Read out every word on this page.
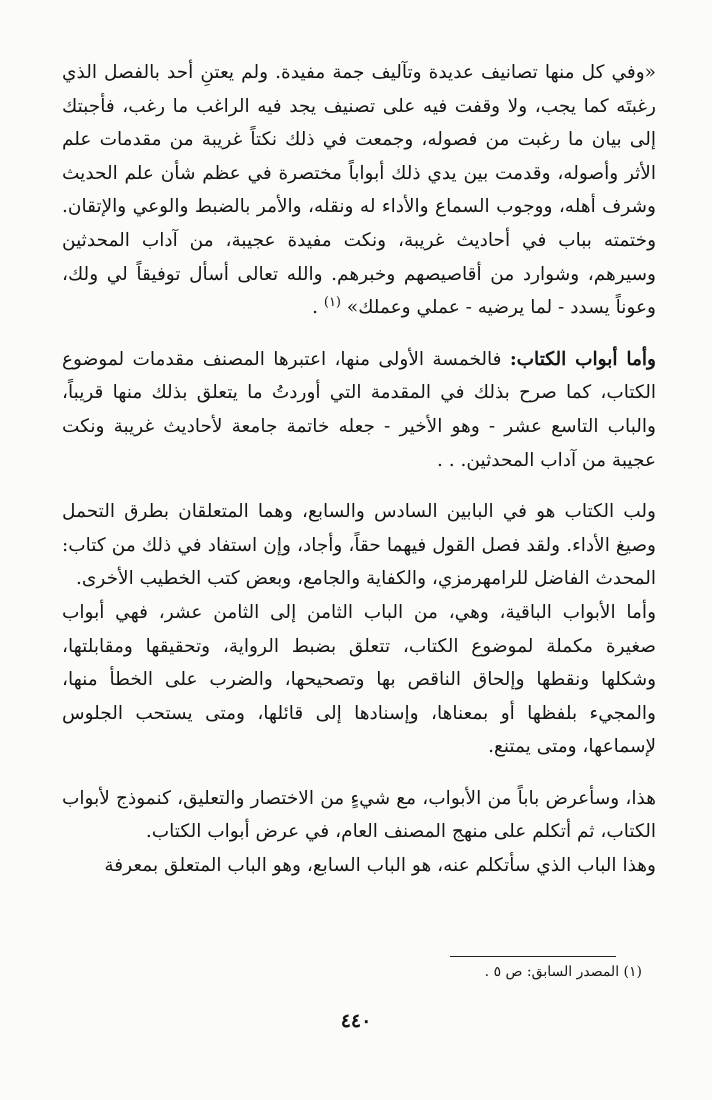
«وفي كل منها تصانيف عديدة وتآليف جمة مفيدة. ولم يعتنِ أحد بالفصل الذي رغبتَه كما يجب، ولا وقفت فيه على تصنيف يجد فيه الراغب ما رغب، فأجبتك إلى بيان ما رغبت من فصوله، وجمعت في ذلك نكتاً غريبة من مقدمات علم الأثر وأصوله، وقدمت بين يدي ذلك أبواباً مختصرة في عظم شأن علم الحديث وشرف أهله، ووجوب السماع والأداء له ونقله، والأمر بالضبط والوعي والإتقان. وختمته بباب في أحاديث غريبة، ونكت مفيدة عجيبة، من آداب المحدثين وسيرهم، وشوارد من أقاصيصهم وخبرهم. والله تعالى أسأل توفيقاً لي ولك، وعوناً يسدد - لما يرضيه - عملي وعملك» $^{(١)}$ .

وأما أبواب الكتاب: فالخمسة الأولى منها، اعتبرها المصنف مقدمات لموضوع الكتاب، كما صرح بذلك في المقدمة التي أوردتُ ما يتعلق بذلك منها قريباً، والباب التاسع عشر - وهو الأخير - جعله خاتمة جامعة لأحاديث غريبة ونكت عجيبة من آداب المحدثين. . .

ولب الكتاب هو في البابين السادس والسابع، وهما المتعلقان بطرق التحمل وصيغ الأداء. ولقد فصل القول فيهما حقاً، وأجاد، وإن استفاد في ذلك من كتاب: المحدث الفاضل للرامهرمزي، والكفاية والجامع، وبعض كتب الخطيب الأخرى.

وأما الأبواب الباقية، وهي، من الباب الثامن إلى الثامن عشر، فهي أبواب صغيرة مكملة لموضوع الكتاب، تتعلق بضبط الرواية، وتحقيقها ومقابلتها، وشكلها ونقطها وإلحاق الناقص بها وتصحيحها، والضرب على الخطأ منها، والمجيء بلفظها أو بمعناها، وإسنادها إلى قائلها، ومتى يستحب الجلوس لإسماعها، ومتى يمتنع.

هذا، وسأعرض باباً من الأبواب، مع شيءٍ من الاختصار والتعليق، كنموذج لأبواب الكتاب، ثم أتكلم على منهج المصنف العام، في عرض أبواب الكتاب.

وهذا الباب الذي سأتكلم عنه، هو الباب السابع، وهو الباب المتعلق بمعرفة

(١) المصدر السابق: ص ٥ .
٤٤٠
